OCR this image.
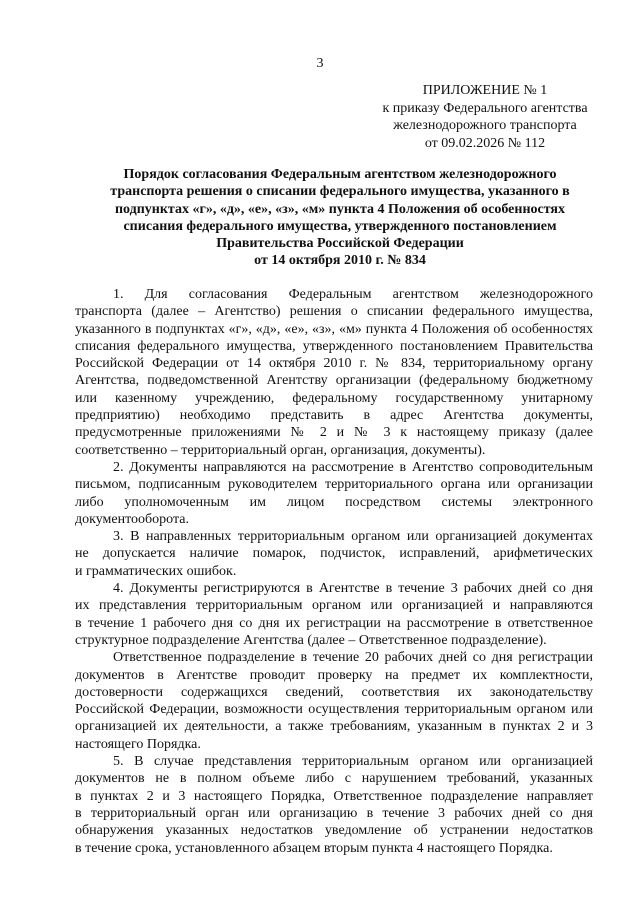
3
ПРИЛОЖЕНИЕ № 1
к приказу Федерального агентства
железнодорожного транспорта
от 09.02.2026 № 112
Порядок согласования Федеральным агентством железнодорожного
транспорта решения о списании федерального имущества, указанного в
подпунктах «г», «д», «е», «з», «м» пункта 4 Положения об особенностях
списания федерального имущества, утвержденного постановлением
Правительства Российской Федерации
от 14 октября 2010 г. № 834
1. Для согласования Федеральным агентством железнодорожного
транспорта (далее – Агентство) решения о списании федерального имущества,
указанного в подпунктах «г», «д», «е», «з», «м» пункта 4 Положения об особенностях
списания федерального имущества, утвержденного постановлением Правительства
Российской Федерации от 14 октября 2010 г. № 834, территориальному органу
Агентства, подведомственной Агентству организации (федеральному бюджетному
или казенному учреждению, федеральному государственному унитарному
предприятию) необходимо представить в адрес Агентства документы,
предусмотренные приложениями № 2 и № 3 к настоящему приказу (далее
соответственно – территориальный орган, организация, документы).
2. Документы направляются на рассмотрение в Агентство сопроводительным
письмом, подписанным руководителем территориального органа или организации
либо уполномоченным им лицом посредством системы электронного
документооборота.
3. В направленных территориальным органом или организацией документах
не допускается наличие помарок, подчисток, исправлений, арифметических
и грамматических ошибок.
4. Документы регистрируются в Агентстве в течение 3 рабочих дней со дня
их представления территориальным органом или организацией и направляются
в течение 1 рабочего дня со дня их регистрации на рассмотрение в ответственное
структурное подразделение Агентства (далее – Ответственное подразделение).
Ответственное подразделение в течение 20 рабочих дней со дня регистрации
документов в Агентстве проводит проверку на предмет их комплектности,
достоверности содержащихся сведений, соответствия их законодательству
Российской Федерации, возможности осуществления территориальным органом или
организацией их деятельности, а также требованиям, указанным в пунктах 2 и 3
настоящего Порядка.
5. В случае представления территориальным органом или организацией
документов не в полном объеме либо с нарушением требований, указанных
в пунктах 2 и 3 настоящего Порядка, Ответственное подразделение направляет
в территориальный орган или организацию в течение 3 рабочих дней со дня
обнаружения указанных недостатков уведомление об устранении недостатков
в течение срока, установленного абзацем вторым пункта 4 настоящего Порядка.
